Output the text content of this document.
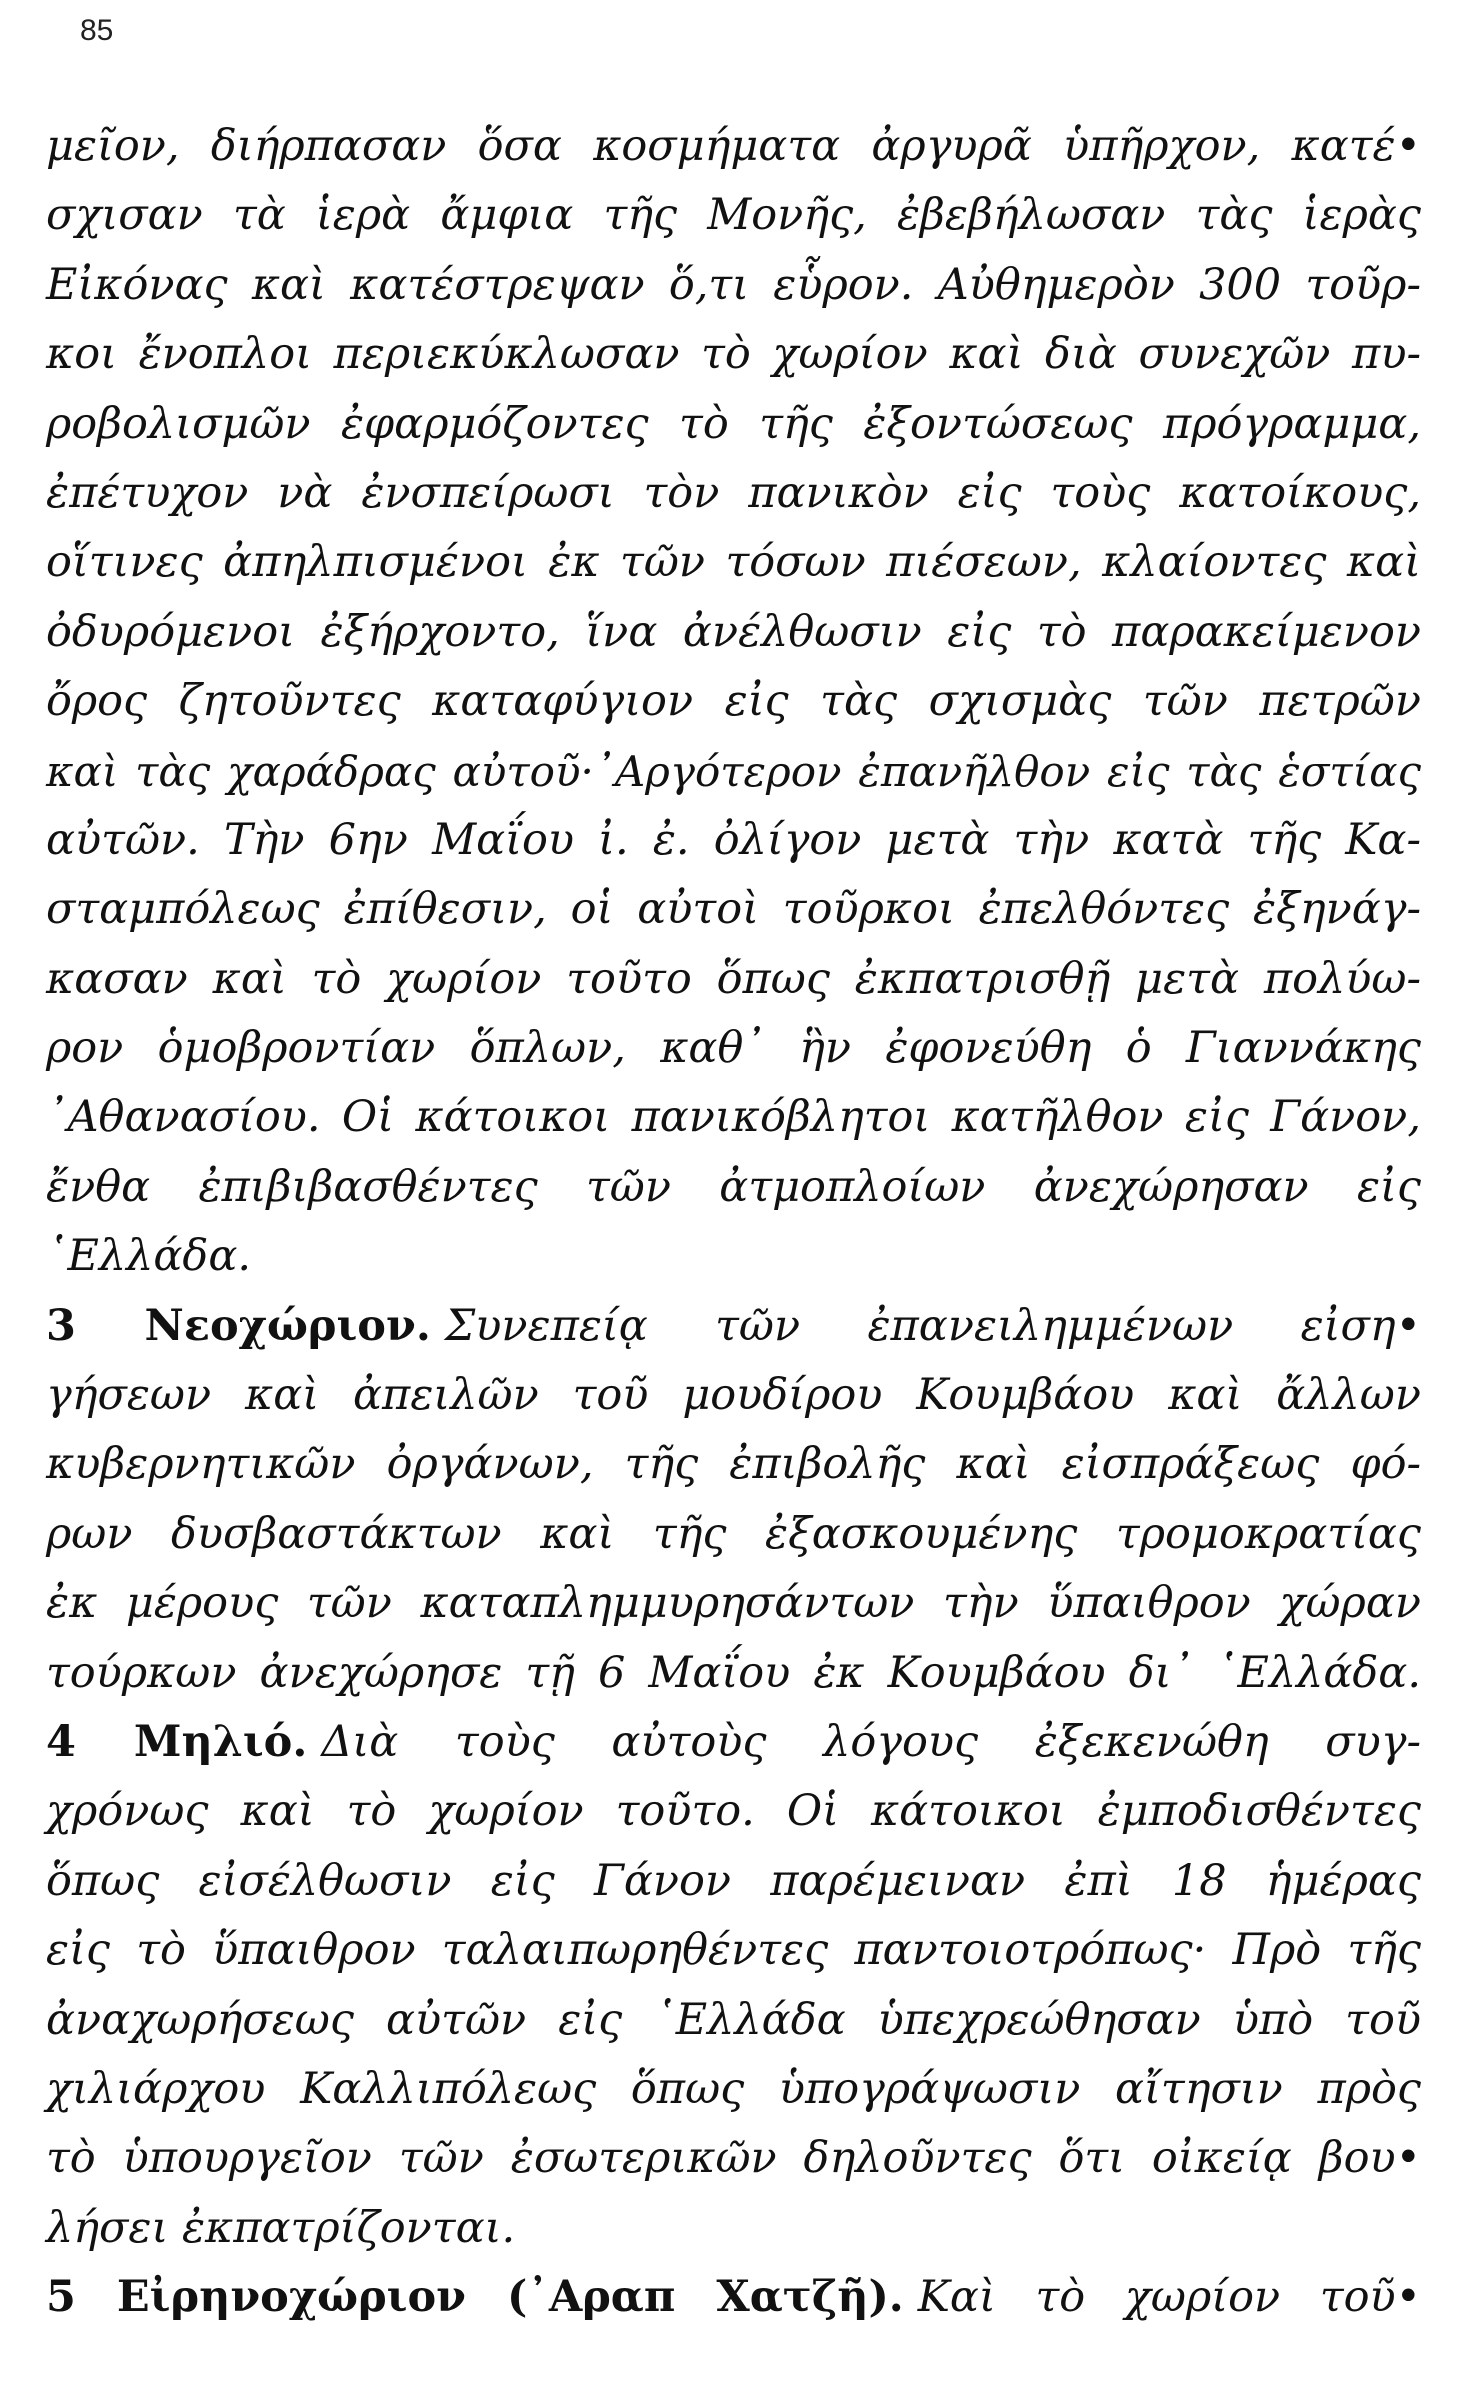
85
μεῖον, διήρπασαν ὅσα κοσμήματα ἀργυρᾶ ὑπῆρχον, κατέ•
σχισαν τὰ ἱερὰ ἄμφια τῆς Μονῆς, ἐβεβήλωσαν τὰς ἱερὰς
Εἰκόνας καὶ κατέστρεψαν ὅ,τι εὗρον. Αὐθημερὸν 300 τοῦρ-
κοι ἔνοπλοι περιεκύκλωσαν τὸ χωρίον καὶ διὰ συνεχῶν πυ-
ροβολισμῶν ἐφαρμόζοντες τὸ τῆς ἐξοντώσεως πρόγραμμα,
ἐπέτυχον νὰ ἐνσπείρωσι τὸν πανικὸν εἰς τοὺς κατοίκους,
οἵτινες ἀπηλπισμένοι ἐκ τῶν τόσων πιέσεων, κλαίοντες καὶ
ὀδυρόμενοι ἐξήρχοντο, ἵνα ἀνέλθωσιν εἰς τὸ παρακείμενον
ὄρος ζητοῦντες καταφύγιον εἰς τὰς σχισμὰς τῶν πετρῶν
καὶ τὰς χαράδρας αὐτοῦ·᾽Αργότερον ἐπανῆλθον εἰς τὰς ἑστίας
αὐτῶν. Τὴν 6ην Μαΐου ἰ. ἐ. ὀλίγον μετὰ τὴν κατὰ τῆς Κα-
σταμπόλεως ἐπίθεσιν, οἱ αὐτοὶ τοῦρκοι ἐπελθόντες ἐξηνάγ-
κασαν καὶ τὸ χωρίον τοῦτο ὅπως ἐκπατρισθῇ μετὰ πολύω-
ρον ὁμοβροντίαν ὅπλων, καθ᾽ ἣν ἐφονεύθη ὁ Γιαννάκης
᾽Αθανασίου. Οἱ κάτοικοι πανικόβλητοι κατῆλθον εἰς Γάνον,
ἔνθα ἐπιβιβασθέντες τῶν ἀτμοπλοίων ἀνεχώρησαν εἰς
῾Ελλάδα.
3 Νεοχώριον. Συνεπείᾳ τῶν ἐπανειλημμένων εἰση•
γήσεων καὶ ἀπειλῶν τοῦ μουδίρου Κουμβάου καὶ ἄλλων
κυβερνητικῶν ὀργάνων, τῆς ἐπιβολῆς καὶ εἰσπράξεως φό-
ρων δυσβαστάκτων καὶ τῆς ἐξασκουμένης τρομοκρατίας
ἐκ μέρους τῶν καταπλημμυρησάντων τὴν ὕπαιθρον χώραν
τούρκων ἀνεχώρησε τῇ 6 Μαΐου ἐκ Κουμβάου δι᾽ ῾Ελλάδα.
4 Μηλιό. Διὰ τοὺς αὐτοὺς λόγους ἐξεκενώθη συγ-
χρόνως καὶ τὸ χωρίον τοῦτο. Οἱ κάτοικοι ἐμποδισθέντες
ὅπως εἰσέλθωσιν εἰς Γάνον παρέμειναν ἐπὶ 18 ἡμέρας
εἰς τὸ ὕπαιθρον ταλαιπωρηθέντες παντοιοτρόπως· Πρὸ τῆς
ἀναχωρήσεως αὐτῶν εἰς ῾Ελλάδα ὑπεχρεώθησαν ὑπὸ τοῦ
χιλιάρχου Καλλιπόλεως ὅπως ὑπογράψωσιν αἴτησιν πρὸς
τὸ ὑπουργεῖον τῶν ἐσωτερικῶν δηλοῦντες ὅτι οἰκείᾳ βου•
λήσει ἐκπατρίζονται.
5 Εἰρηνοχώριον (᾽Αραπ Χατζῆ). Καὶ τὸ χωρίον τοῦ•
